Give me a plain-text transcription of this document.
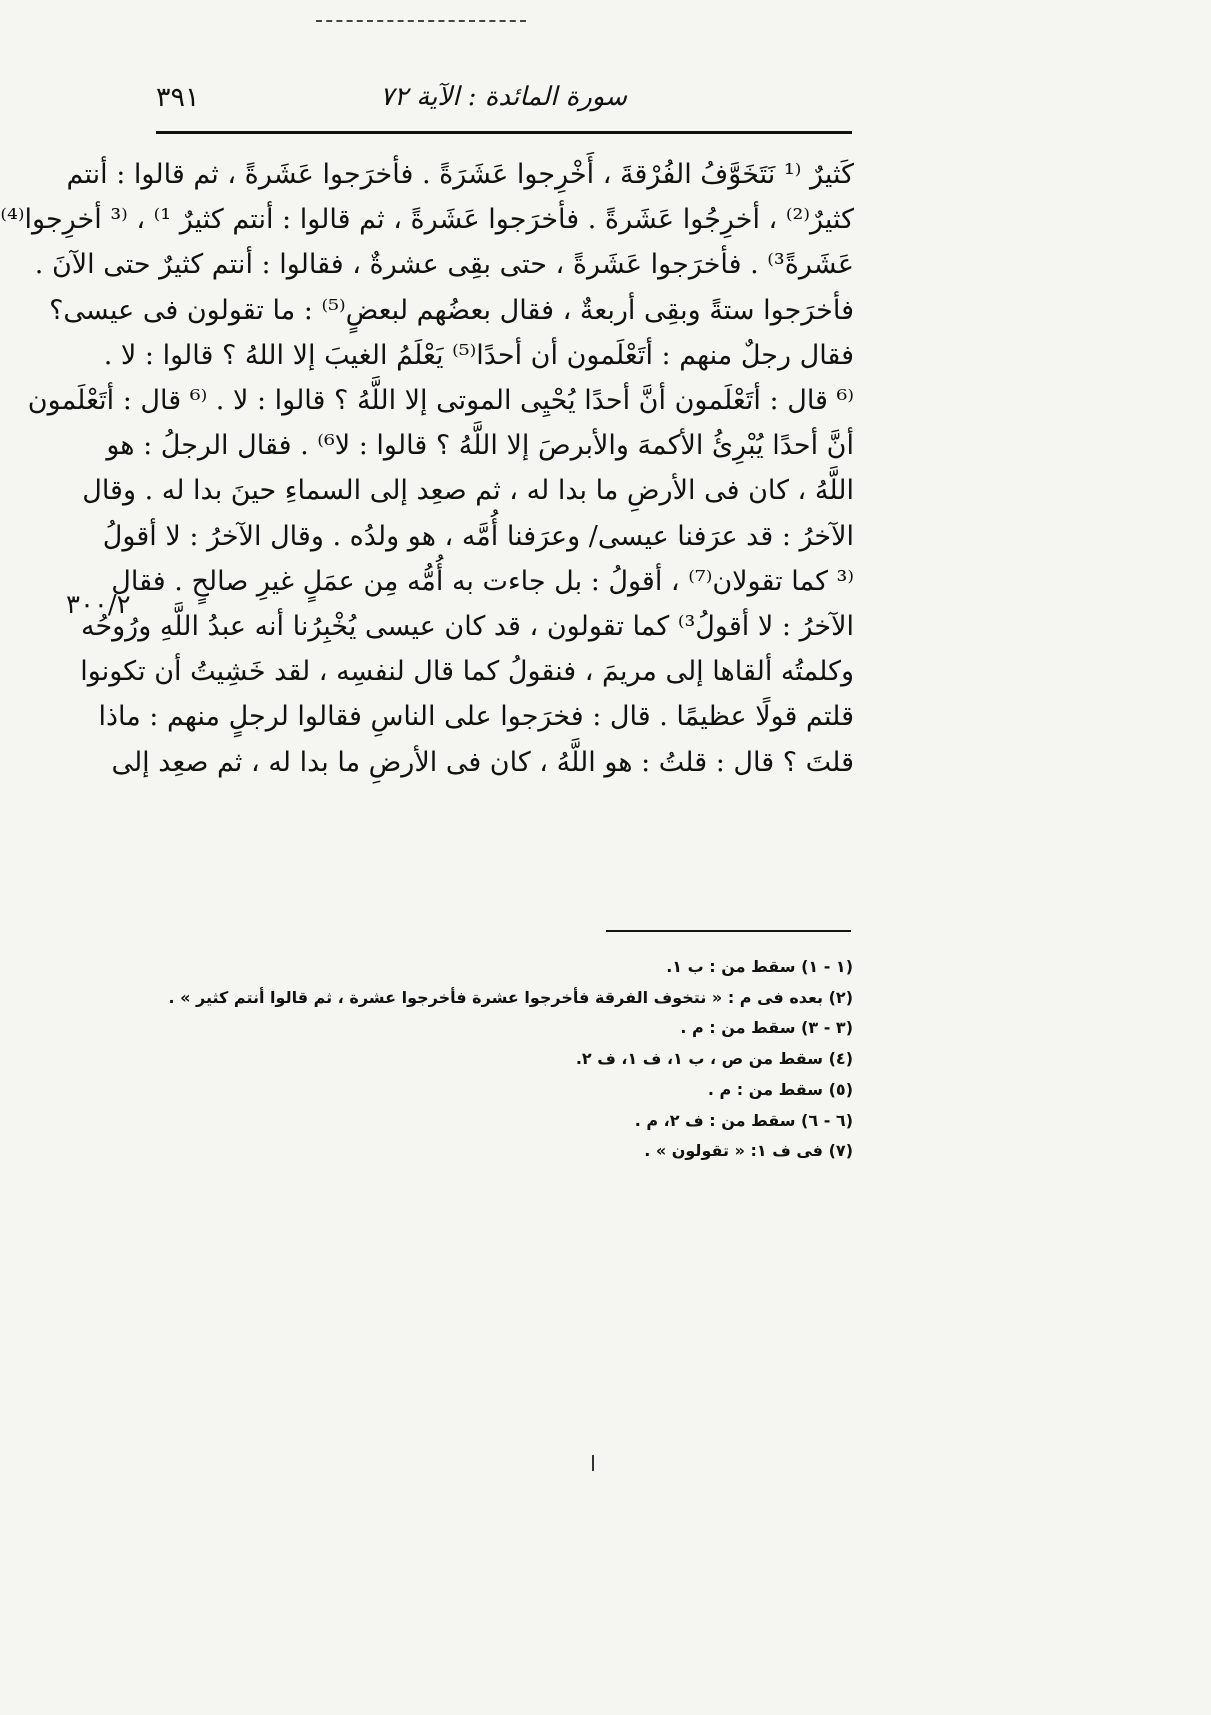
٣٩١	سورة المائدة : الآية ٧٢
كَثيرٌ ⁽¹ نَتَخَوَّفُ الفُرْقةَ ، أَخْرِجوا عَشَرَةً . فأخرَجوا عَشَرةً ، ثم قالوا : أنتم
كثيرٌ⁽²⁾ ، أخرِجُوا عَشَرةً . فأخرَجوا عَشَرةً ، ثم قالوا : أنتم كثيرٌ ¹⁾ ، ⁽³ أخرِجوا⁽⁴⁾
عَشَرةً³⁾ . فأخرَجوا عَشَرةً ، حتى بقِى عشرةٌ ، فقالوا : أنتم كثيرٌ حتى الآنَ .
فأخرَجوا ستةً وبقِى أربعةٌ ، فقال بعضُهم لبعضٍ⁽⁵⁾ : ما تقولون فى عيسى؟
فقال رجلٌ منهم : أتَعْلَمون أن أحدًا⁽⁵⁾ يَعْلَمُ الغيبَ إلا اللهُ ؟ قالوا : لا .
⁽⁶ قال : أتَعْلَمون أنَّ أحدًا يُحْيِى الموتى إلا اللَّهُ ؟ قالوا : لا . ⁽⁶ قال : أتَعْلَمون
أنَّ أحدًا يُبْرِئُ الأكمهَ والأبرصَ إلا اللَّهُ ؟ قالوا : لا⁶⁾ . فقال الرجلُ : هو
اللَّهُ ، كان فى الأرضِ ما بدا له ، ثم صعِد إلى السماءِ حينَ بدا له . وقال
الآخرُ : قد عرَفنا عيسى/ وعرَفنا أُمَّه ، هو ولدُه . وقال الآخرُ : لا أقولُ
⁽³ كما تقولان⁽⁷⁾ ، أقولُ : بل جاءت به أُمُّه مِن عمَلٍ غيرِ صالحٍ . فقال
الآخرُ : لا أقولُ³⁾ كما تقولون ، قد كان عيسى يُخْبِرُنا أنه عبدُ اللَّهِ ورُوحُه
وكلمتُه ألقاها إلى مريمَ ، فنقولُ كما قال لنفسِه ، لقد خَشِيتُ أن تكونوا
قلتم قولًا عظيمًا . قال : فخرَجوا على الناسِ فقالوا لرجلٍ منهم : ماذا
قلتَ ؟ قال : قلتُ : هو اللَّهُ ، كان فى الأرضِ ما بدا له ، ثم صعِد إلى
٣٠٠/٢
(١ - ١) سقط من : ب ١.
(٢) بعده فى م : « نتخوف الفرقة فأخرجوا عشرة فأخرجوا عشرة ، ثم قالوا أنتم كثير » .
(٣ - ٣) سقط من : م .
(٤) سقط من ص ، ب ١، ف ١، ف ٢.
(٥) سقط من : م .
(٦ - ٦) سقط من : ف ٢، م .
(٧) فى ف ١: « تقولون » .
